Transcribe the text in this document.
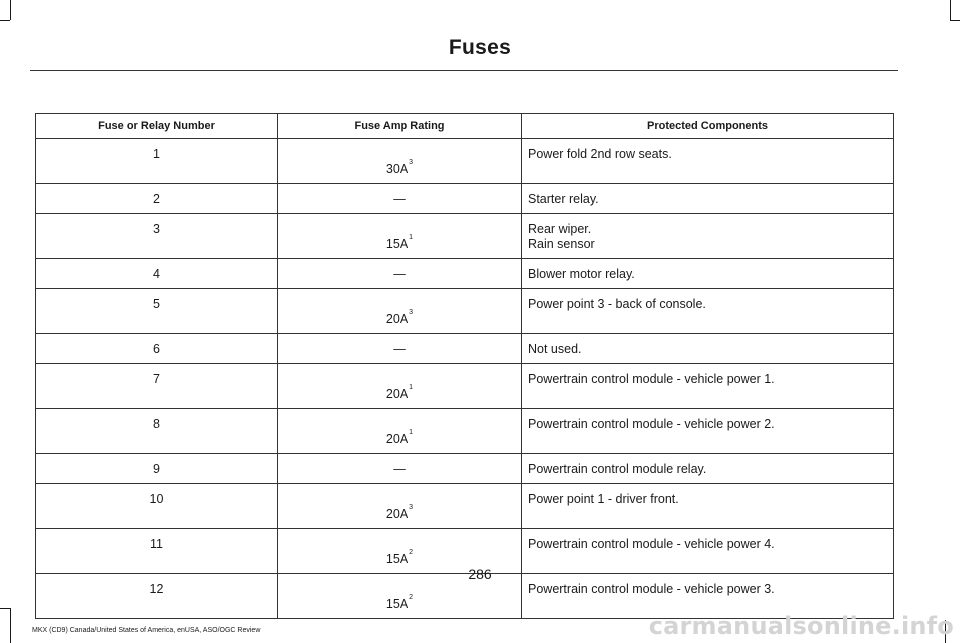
Fuses
Fuse or Relay Number	Fuse Amp Rating	Protected Components
1	$30A^3$	Power fold 2nd row seats.

2	—	Starter relay.

3	$15A^1$	Rear wiper.
Rain sensor

4	—	Blower motor relay.

5	$20A^3$	Power point 3 - back of console.

6	—	Not used.

7	$20A^1$	Powertrain control module - vehicle power 1.

8	$20A^1$	Powertrain control module - vehicle power 2.

9	—	Powertrain control module relay.

10	$20A^3$	Power point 1 - driver front.

11	$15A^2$	Powertrain control module - vehicle power 4.

12	$15A^2$	Powertrain control module - vehicle power 3.
286
MKX (CD9) Canada/United States of America, enUSA, ASO/OGC Review	carmanualsonline.info
